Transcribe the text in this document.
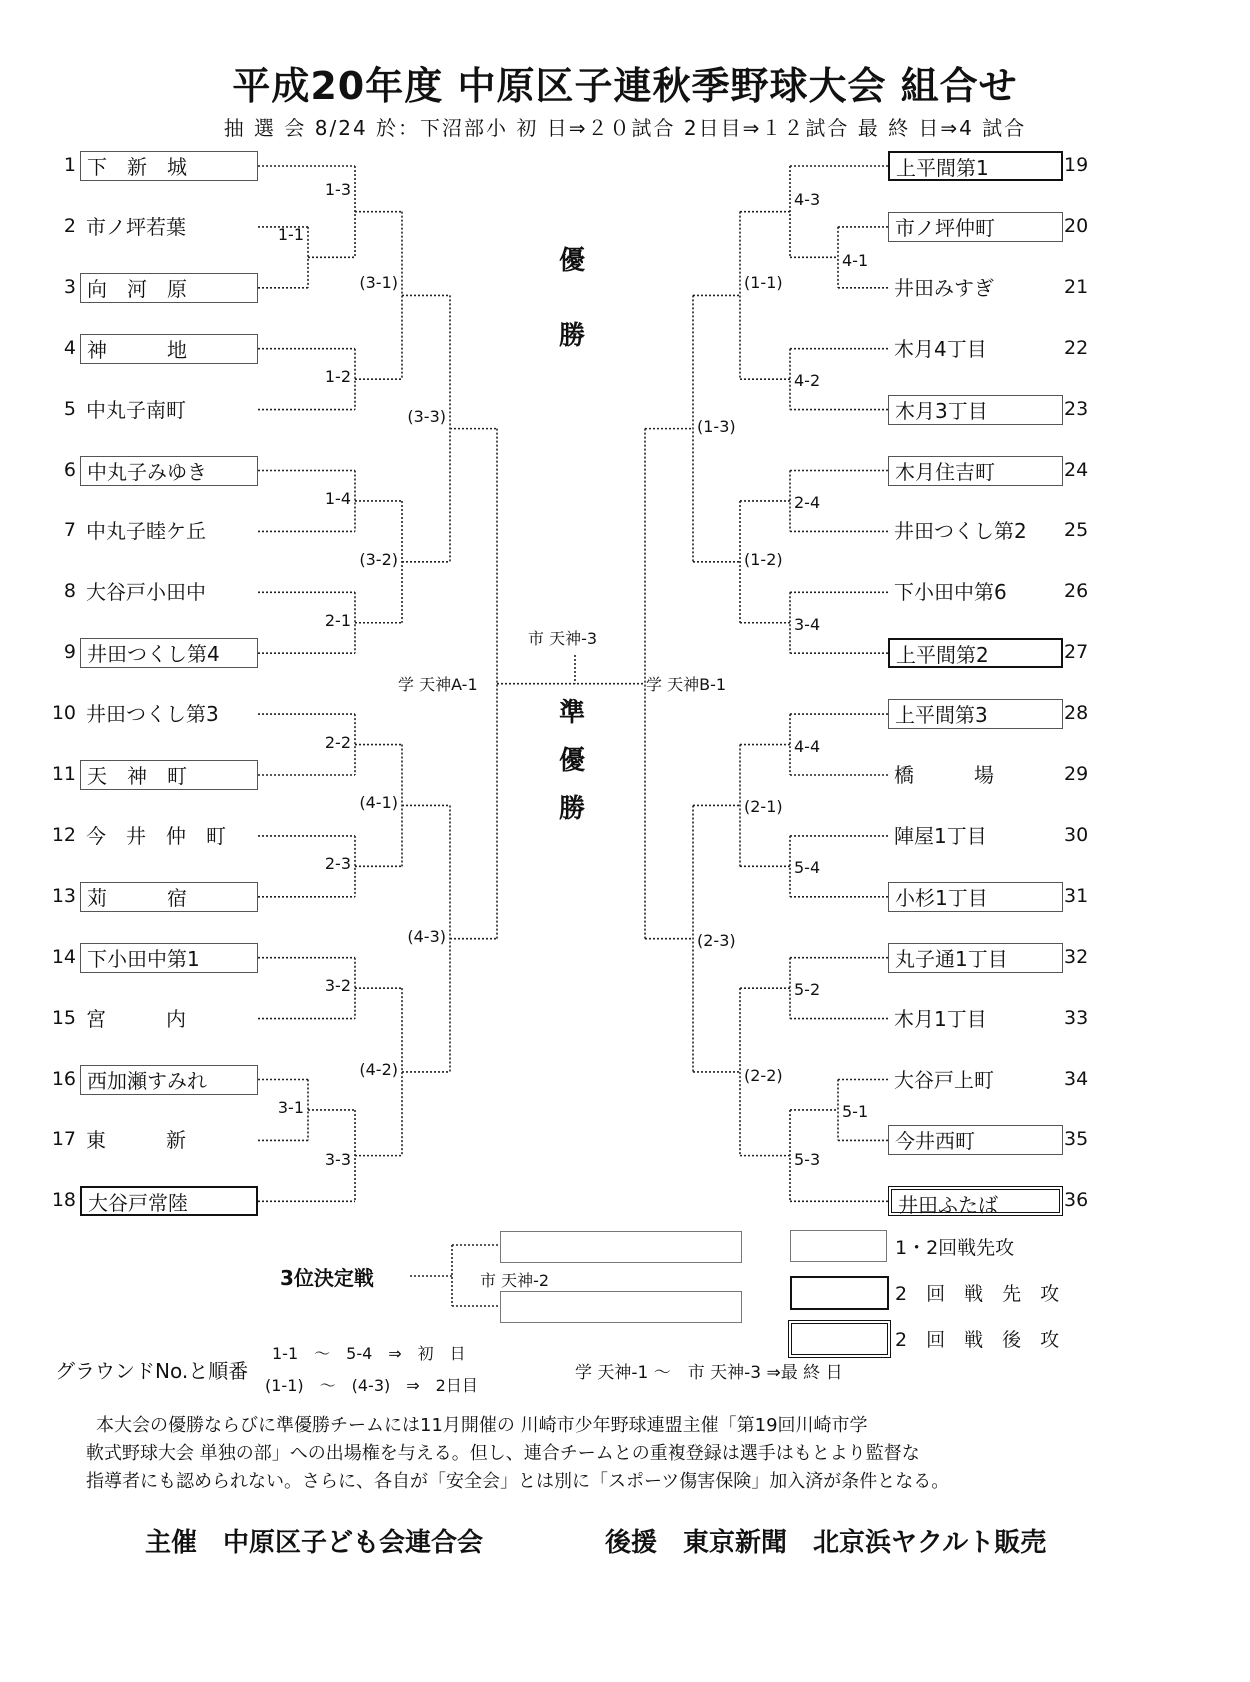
平成20年度 中原区子連秋季野球大会 組合せ
抽 選 会 8/24 於：下沼部小 初 日⇒２０試合 2日目⇒１２試合 最 終 日⇒4 試合
1 下　新　城
2 市ノ坪若葉
3 向　河　原
4 神　　　地
5 中丸子南町
6 中丸子みゆき
7 中丸子睦ケ丘
8 大谷戸小田中
9 井田つくし第4
10 井田つくし第3
11 天　神　町
12 今　井　仲　町
13 苅　　　宿
14 下小田中第1
15 宮　　　内
16 西加瀬すみれ
17 東　　　新
18 大谷戸常陸
上平間第1	19
市ノ坪仲町	20
井田みすぎ	21
木月4丁目	22
木月3丁目	23
木月住吉町	24
井田つくし第2	25
下小田中第6	26
上平間第2	27
上平間第3	28
橋　　　場	29
陣屋1丁目	30
小杉1丁目	31
丸子通1丁目	32
木月1丁目	33
大谷戸上町	34
今井西町	35
井田ふたば	36
1-3
1-1
(3-1)
1-2
(3-3)
1-4
(3-2)
2-1
2-2
(4-1)
2-3
(4-3)
3-2
3-1
(4-2)
3-3
4-3
4-1
(1-1)
4-2
(1-3)
2-4
(1-2)
3-4
4-4
(2-1)
5-4
(2-3)
5-2
(2-2)
5-1
5-3
優
勝
準
優
勝
市 天神-3
学 天神A-1	学 天神B-1
3位決定戦	市 天神-2
1・2回戦先攻
2　回　戦　先　攻
2　回　戦　後　攻
グラウンドNo.と順番
1-1　〜　5-4　⇒　初　日
(1-1)　〜　(4-3)　⇒　2日目
学 天神-1 〜　市 天神-3 ⇒最 終 日
本大会の優勝ならびに準優勝チームには11月開催の 川崎市少年野球連盟主催「第19回川崎市学
軟式野球大会 単独の部」への出場権を与える。但し、連合チームとの重複登録は選手はもとより監督な
指導者にも認められない。さらに、各自が「安全会」とは別に「スポーツ傷害保険」加入済が条件となる。
主催　中原区子ども会連合会	後援　東京新聞　北京浜ヤクルト販売
